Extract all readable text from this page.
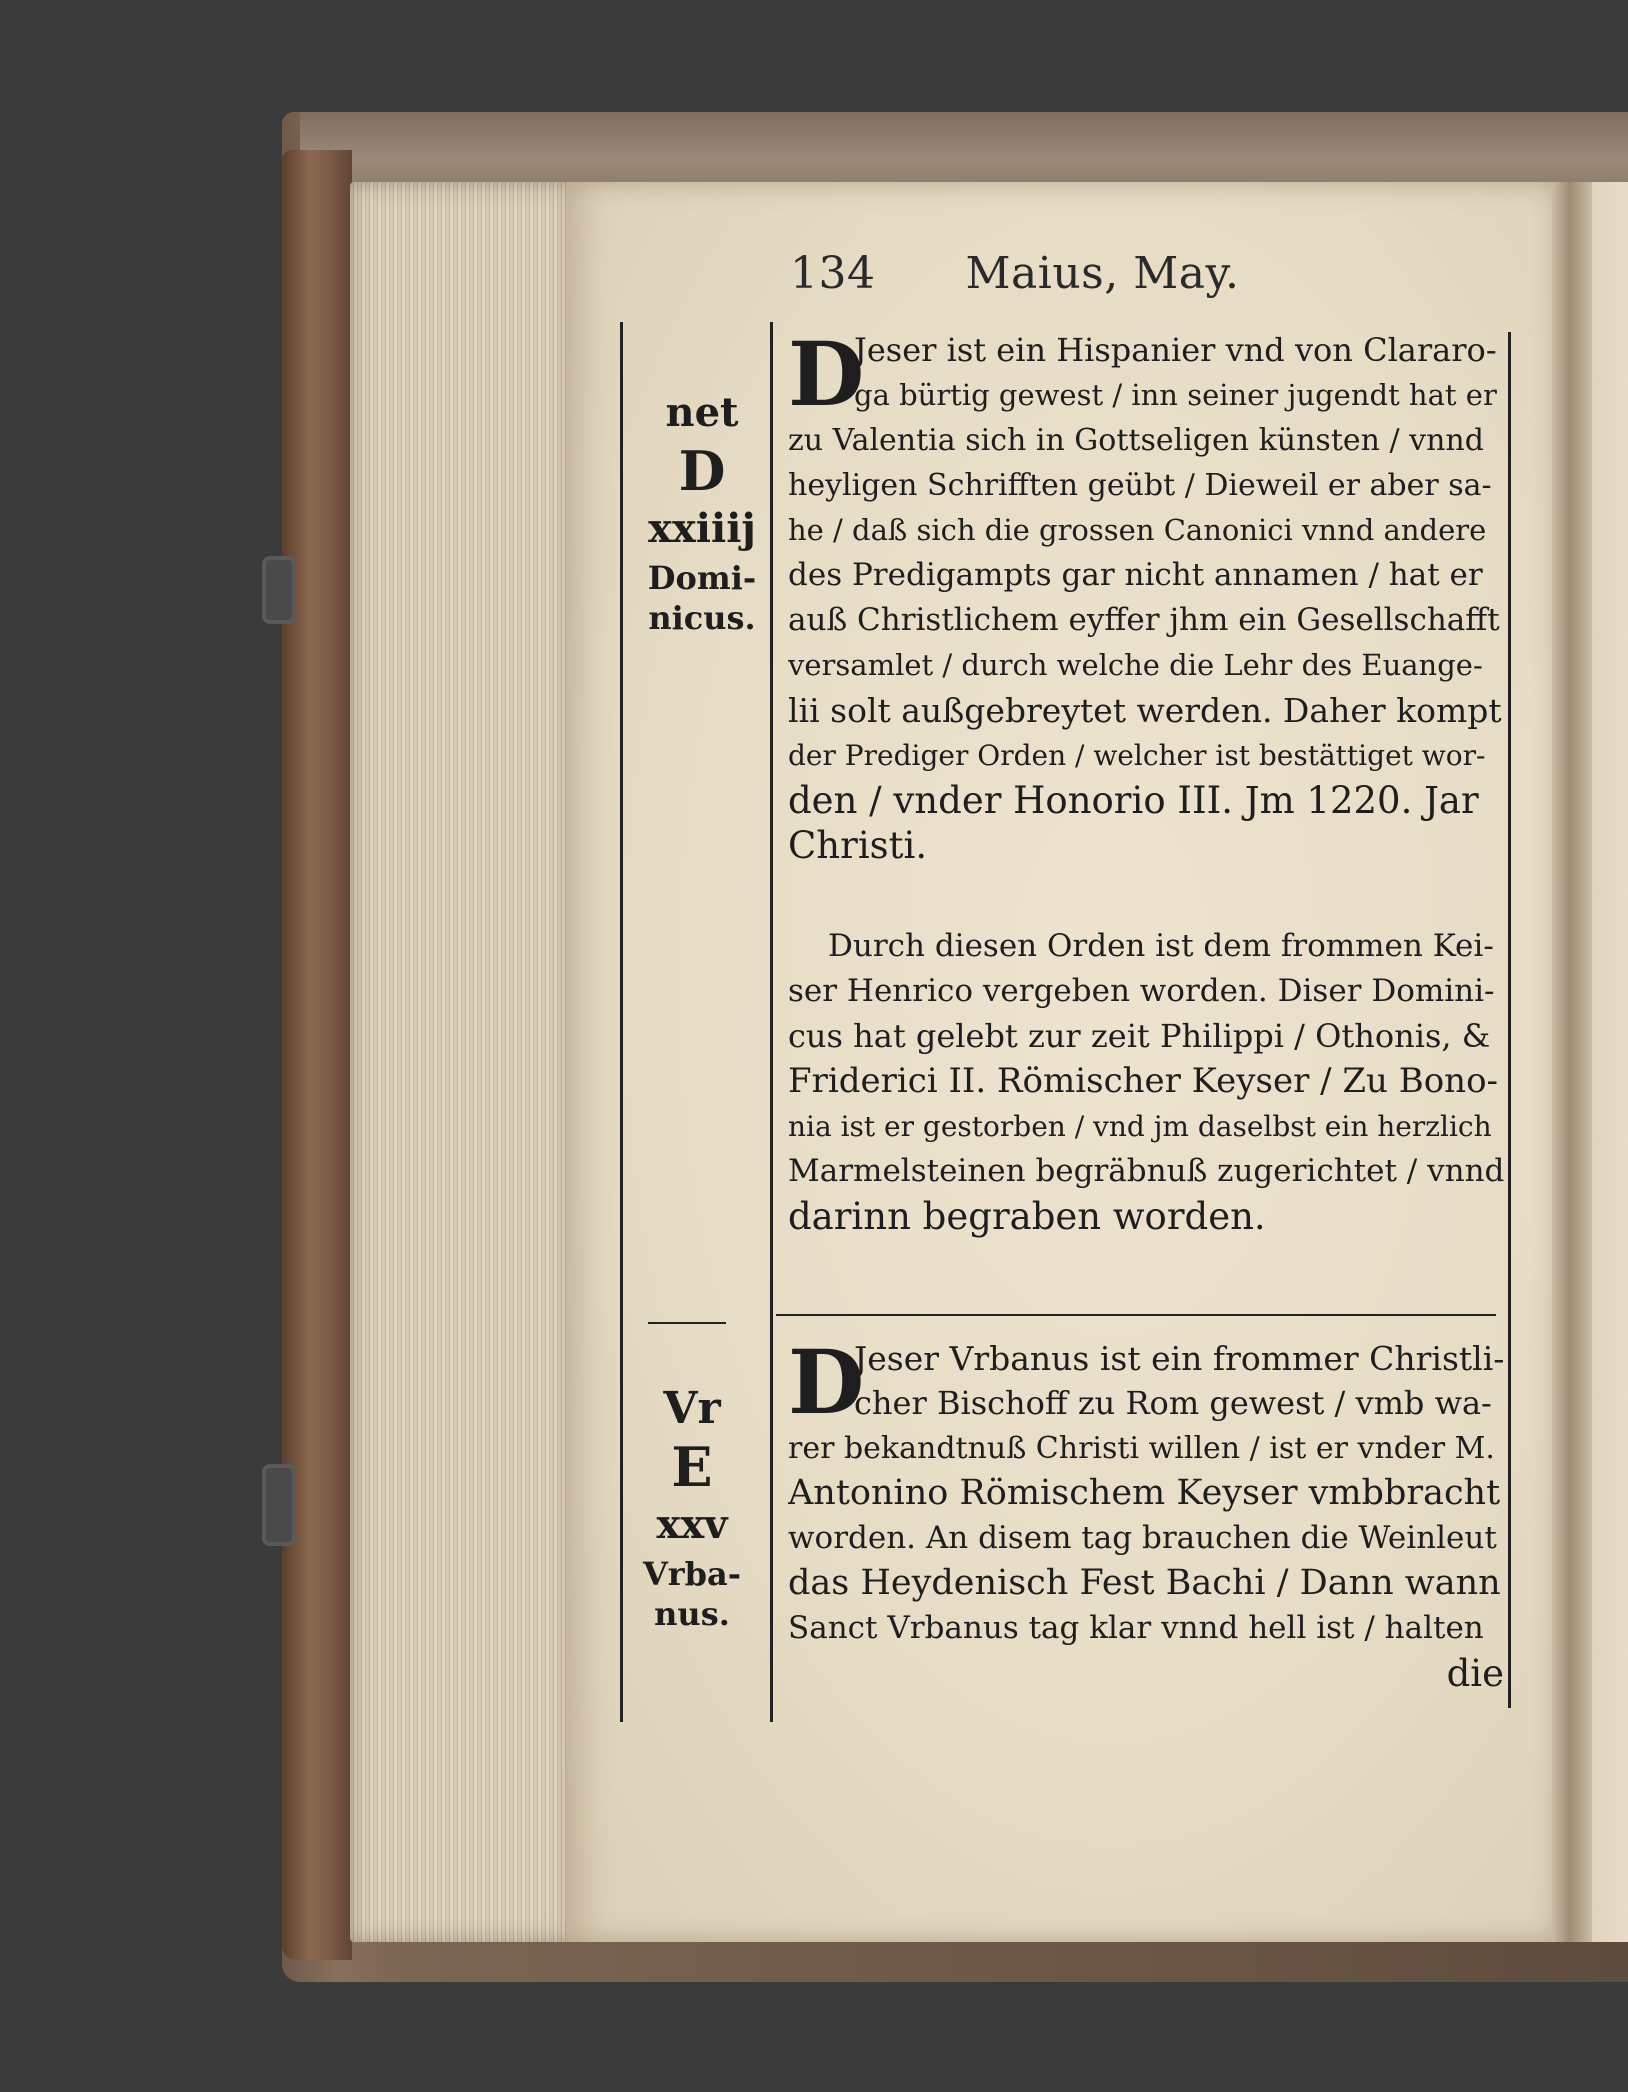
134 Maius, May.
net
D
xxiiij
Domi-
nicus.
Vr
E
xxv
Vrba-
nus.
D
Jeser ist ein Hispanier vnd von Clararo-
ga bürtig gewest / inn seiner jugendt hat er
zu Valentia sich in Gottseligen künsten / vnnd
heyligen Schrifften geübt / Dieweil er aber sa-
he / daß sich die grossen Canonici vnnd andere
des Predigampts gar nicht annamen / hat er
auß Christlichem eyffer jhm ein Gesellschafft
versamlet / durch welche die Lehr des Euange-
lii solt außgebreytet werden. Daher kompt
der Prediger Orden / welcher ist bestättiget wor-
den / vnder Honorio III. Jm 1220. Jar
Christi.
Durch diesen Orden ist dem frommen Kei-
ser Henrico vergeben worden. Diser Domini-
cus hat gelebt zur zeit Philippi / Othonis, &
Friderici II. Römischer Keyser / Zu Bono-
nia ist er gestorben / vnd jm daselbst ein herzlich
Marmelsteinen begräbnuß zugerichtet / vnnd
darinn begraben worden.
D
Jeser Vrbanus ist ein frommer Christli-
cher Bischoff zu Rom gewest / vmb wa-
rer bekandtnuß Christi willen / ist er vnder M.
Antonino Römischem Keyser vmbbracht
worden. An disem tag brauchen die Weinleut
das Heydenisch Fest Bachi / Dann wann
Sanct Vrbanus tag klar vnnd hell ist / halten
die
